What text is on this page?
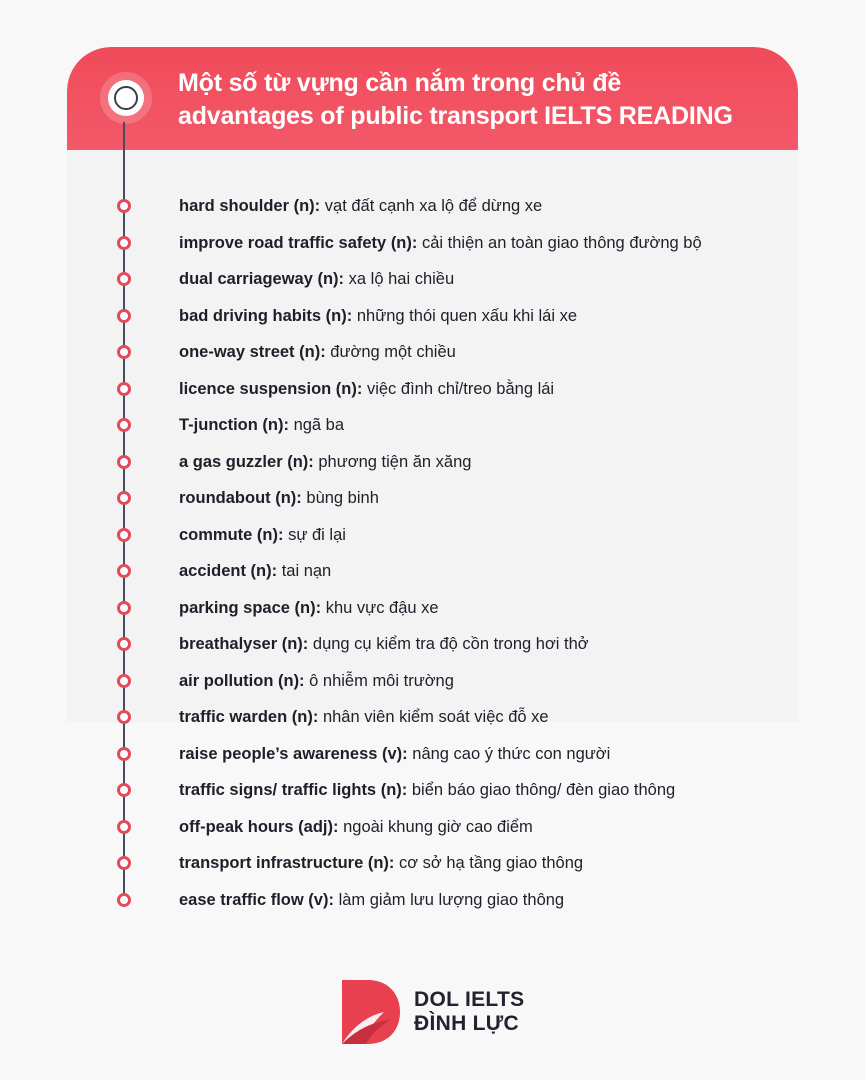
Một số từ vựng cần nắm trong chủ đề
advantages of public transport IELTS READING
hard shoulder (n): vạt đất cạnh xa lộ để dừng xe
improve road traffic safety (n): cải thiện an toàn giao thông đường bộ
dual carriageway (n): xa lộ hai chiều
bad driving habits (n): những thói quen xấu khi lái xe
one-way street (n): đường một chiều
licence suspension (n): việc đình chỉ/treo bằng lái
T-junction (n): ngã ba
a gas guzzler (n): phương tiện ăn xăng
roundabout (n): bùng binh
commute (n): sự đi lại
accident (n): tai nạn
parking space (n): khu vực đậu xe
breathalyser (n): dụng cụ kiểm tra độ cồn trong hơi thở
air pollution (n): ô nhiễm môi trường
traffic warden (n): nhân viên kiểm soát việc đỗ xe
raise people’s awareness (v): nâng cao ý thức con người
traffic signs/ traffic lights (n): biển báo giao thông/ đèn giao thông
off-peak hours (adj): ngoài khung giờ cao điểm
transport infrastructure (n): cơ sở hạ tầng giao thông
ease traffic flow (v): làm giảm lưu lượng giao thông
DOL IELTS
ĐÌNH LỰC
